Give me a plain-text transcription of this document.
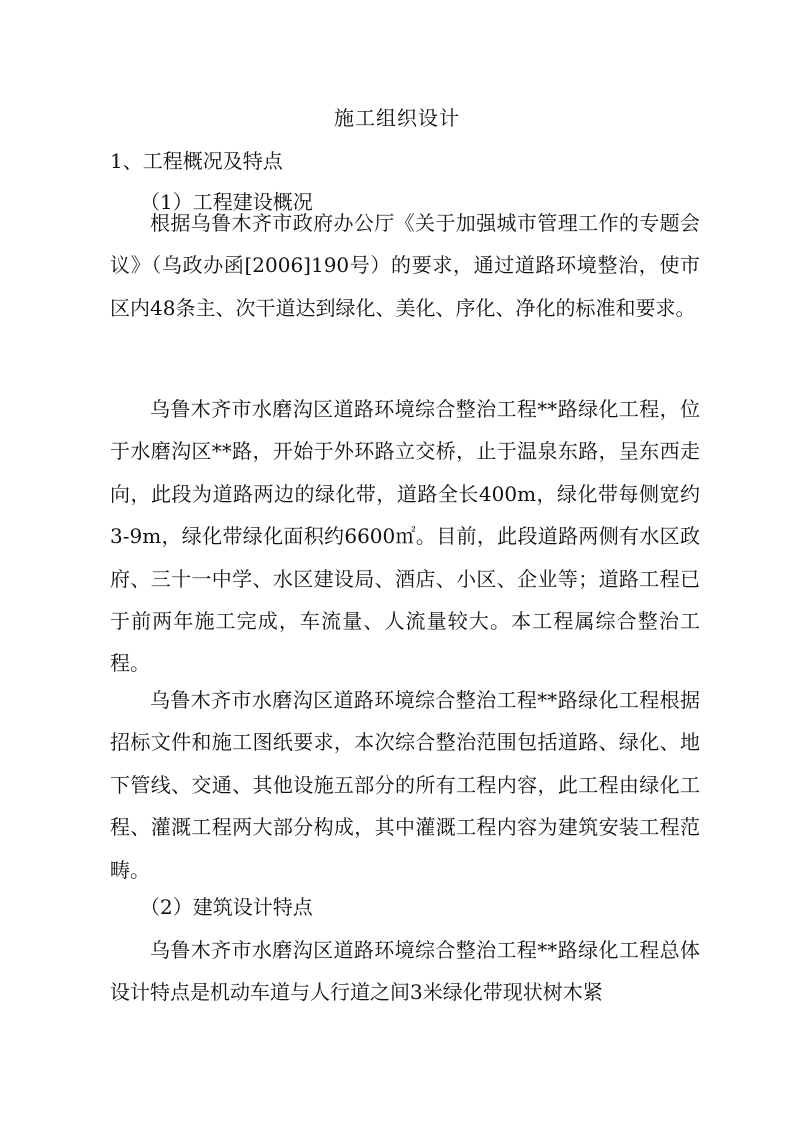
施工组织设计
1、工程概况及特点
（1）工程建设概况

根据乌鲁木齐市政府办公厅《关于加强城市管理工作的专题会议》（乌政办函[2006]190号）的要求，通过道路环境整治，使市区内48条主、次干道达到绿化、美化、序化、净化的标准和要求。

乌鲁木齐市水磨沟区道路环境综合整治工程**路绿化工程，位于水磨沟区**路，开始于外环路立交桥，止于温泉东路，呈东西走向，此段为道路两边的绿化带，道路全长400m，绿化带每侧宽约3-9m，绿化带绿化面积约6600㎡。目前，此段道路两侧有水区政府、三十一中学、水区建设局、酒店、小区、企业等；道路工程已于前两年施工完成，车流量、人流量较大。本工程属综合整治工程。

乌鲁木齐市水磨沟区道路环境综合整治工程**路绿化工程根据招标文件和施工图纸要求，本次综合整治范围包括道路、绿化、地下管线、交通、其他设施五部分的所有工程内容，此工程由绿化工程、灌溉工程两大部分构成，其中灌溉工程内容为建筑安装工程范畴。

（2）建筑设计特点

乌鲁木齐市水磨沟区道路环境综合整治工程**路绿化工程总体设计特点是机动车道与人行道之间3米绿化带现状树木紧
